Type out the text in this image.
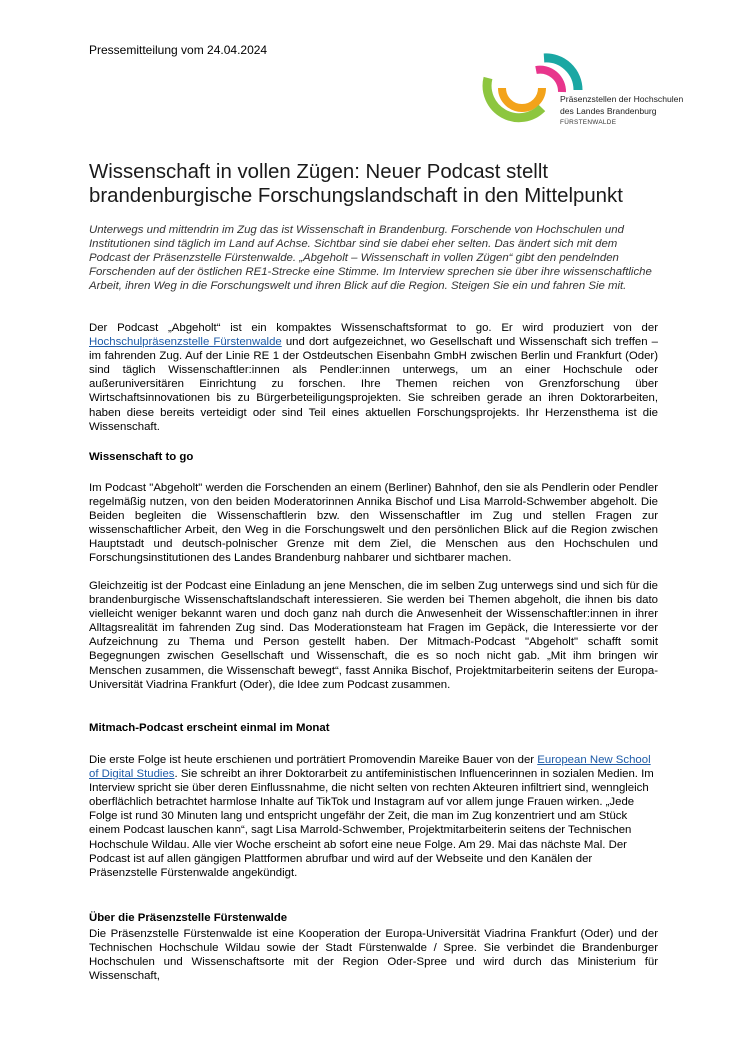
Pressemitteilung vom 24.04.2024
Präsenzstellen der Hochschulen
des Landes Brandenburg
FÜRSTENWALDE
Wissenschaft in vollen Zügen: Neuer Podcast stellt
brandenburgische Forschungslandschaft in den Mittelpunkt

Unterwegs und mittendrin im Zug das ist Wissenschaft in Brandenburg. Forschende von Hochschulen und Institutionen sind täglich im Land auf Achse. Sichtbar sind sie dabei eher selten. Das ändert sich mit dem Podcast der Präsenzstelle Fürstenwalde. „Abgeholt – Wissenschaft in vollen Zügen“ gibt den pendelnden Forschenden auf der östlichen RE1-Strecke eine Stimme. Im Interview sprechen sie über ihre wissenschaftliche Arbeit, ihren Weg in die Forschungswelt und ihren Blick auf die Region. Steigen Sie ein und fahren Sie mit.

Der Podcast „Abgeholt“ ist ein kompaktes Wissenschaftsformat to go. Er wird produziert von der Hochschulpräsenzstelle Fürstenwalde und dort aufgezeichnet, wo Gesellschaft und Wissenschaft sich treffen – im fahrenden Zug. Auf der Linie RE 1 der Ostdeutschen Eisenbahn GmbH zwischen Berlin und Frankfurt (Oder) sind täglich Wissenschaftler:innen als Pendler:innen unterwegs, um an einer Hochschule oder außeruniversitären Einrichtung zu forschen. Ihre Themen reichen von Grenzforschung über Wirtschaftsinnovationen bis zu Bürgerbeteiligungsprojekten. Sie schreiben gerade an ihren Doktorarbeiten, haben diese bereits verteidigt oder sind Teil eines aktuellen Forschungsprojekts. Ihr Herzensthema ist die Wissenschaft.

Wissenschaft to go

Im Podcast "Abgeholt" werden die Forschenden an einem (Berliner) Bahnhof, den sie als Pendlerin oder Pendler regelmäßig nutzen, von den beiden Moderatorinnen Annika Bischof und Lisa Marrold-Schwember abgeholt. Die Beiden begleiten die Wissenschaftlerin bzw. den Wissenschaftler im Zug und stellen Fragen zur wissenschaftlicher Arbeit, den Weg in die Forschungswelt und den persönlichen Blick auf die Region zwischen Hauptstadt und deutsch-polnischer Grenze mit dem Ziel, die Menschen aus den Hochschulen und Forschungsinstitutionen des Landes Brandenburg nahbarer und sichtbarer machen.

Gleichzeitig ist der Podcast eine Einladung an jene Menschen, die im selben Zug unterwegs sind und sich für die brandenburgische Wissenschaftslandschaft interessieren. Sie werden bei Themen abgeholt, die ihnen bis dato vielleicht weniger bekannt waren und doch ganz nah durch die Anwesenheit der Wissenschaftler:innen in ihrer Alltagsrealität im fahrenden Zug sind. Das Moderationsteam hat Fragen im Gepäck, die Interessierte vor der Aufzeichnung zu Thema und Person gestellt haben. Der Mitmach-Podcast "Abgeholt" schafft somit Begegnungen zwischen Gesellschaft und Wissenschaft, die es so noch nicht gab. „Mit ihm bringen wir Menschen zusammen, die Wissenschaft bewegt“, fasst Annika Bischof, Projektmitarbeiterin seitens der Europa-Universität Viadrina Frankfurt (Oder), die Idee zum Podcast zusammen.

Mitmach-Podcast erscheint einmal im Monat

Die erste Folge ist heute erschienen und porträtiert Promovendin Mareike Bauer von der European New School of Digital Studies. Sie schreibt an ihrer Doktorarbeit zu antifeministischen Influencerinnen in sozialen Medien. Im Interview spricht sie über deren Einflussnahme, die nicht selten von rechten Akteuren infiltriert sind, wenngleich oberflächlich betrachtet harmlose Inhalte auf TikTok und Instagram auf vor allem junge Frauen wirken. „Jede Folge ist rund 30 Minuten lang und entspricht ungefähr der Zeit, die man im Zug konzentriert und am Stück einem Podcast lauschen kann“, sagt Lisa Marrold-Schwember, Projektmitarbeiterin seitens der Technischen Hochschule Wildau. Alle vier Woche erscheint ab sofort eine neue Folge. Am 29. Mai das nächste Mal. Der Podcast ist auf allen gängigen Plattformen abrufbar und wird auf der Webseite und den Kanälen der Präsenzstelle Fürstenwalde angekündigt.

Über die Präsenzstelle Fürstenwalde

Die Präsenzstelle Fürstenwalde ist eine Kooperation der Europa-Universität Viadrina Frankfurt (Oder) und der Technischen Hochschule Wildau sowie der Stadt Fürstenwalde / Spree. Sie verbindet die Brandenburger Hochschulen und Wissenschaftsorte mit der Region Oder-Spree und wird durch das Ministerium für Wissenschaft,
